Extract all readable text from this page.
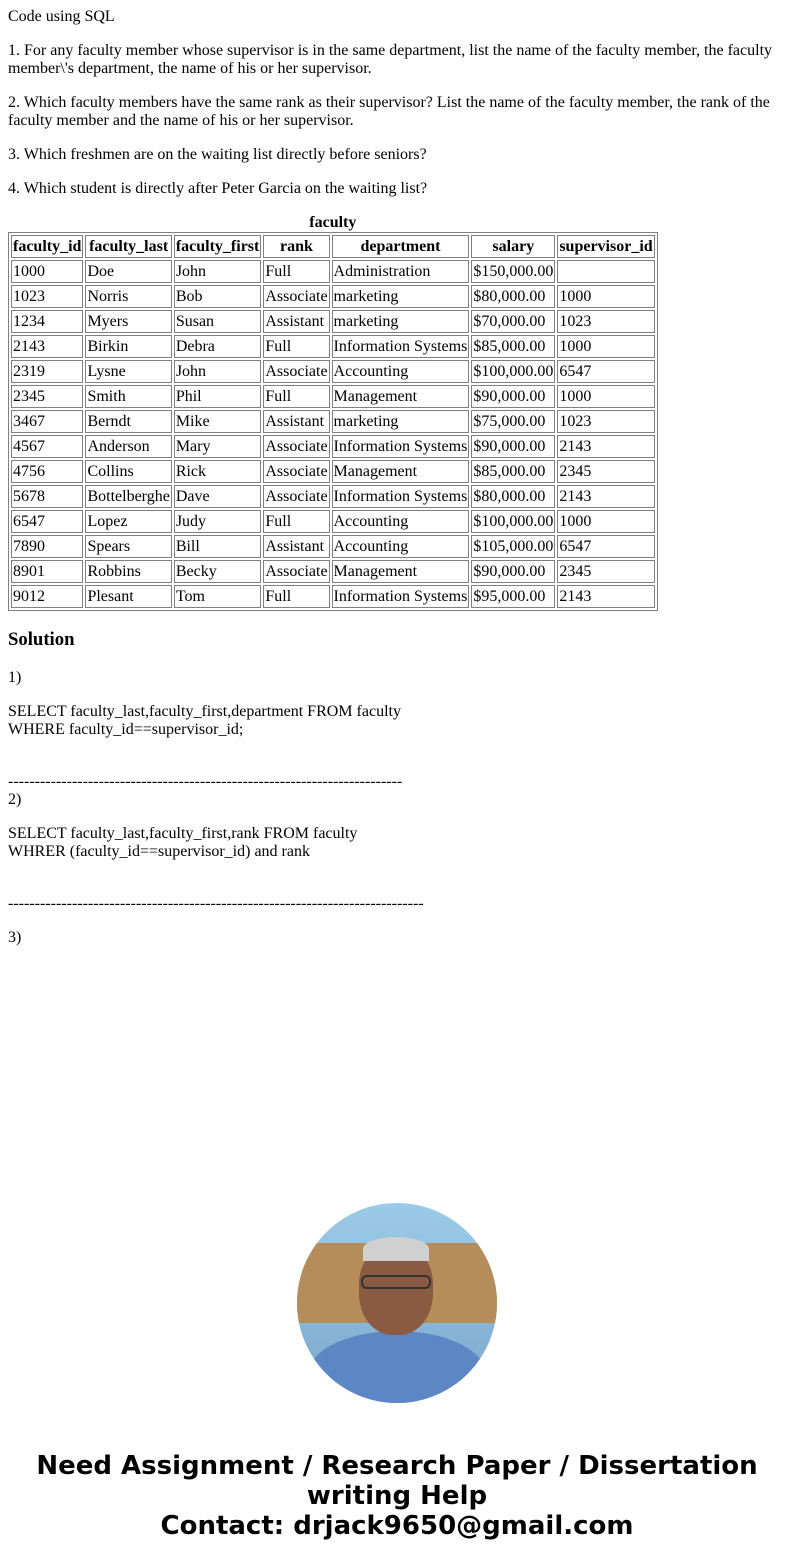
Code using SQL

1. For any faculty member whose supervisor is in the same department, list the name of the faculty member, the faculty member\'s department, the name of his or her supervisor.

2. Which faculty members have the same rank as their supervisor? List the name of the faculty member, the rank of the faculty member and the name of his or her supervisor.

3. Which freshmen are on the waiting list directly before seniors?

4. Which student is directly after Peter Garcia on the waiting list?

faculty
faculty_id	faculty_last	faculty_first	rank	department	salary	supervisor_id
1000	Doe	John	Full	Administration	$150,000.00	
1023	Norris	Bob	Associate	marketing	$80,000.00	1000
1234	Myers	Susan	Assistant	marketing	$70,000.00	1023
2143	Birkin	Debra	Full	Information Systems	$85,000.00	1000
2319	Lysne	John	Associate	Accounting	$100,000.00	6547
2345	Smith	Phil	Full	Management	$90,000.00	1000
3467	Berndt	Mike	Assistant	marketing	$75,000.00	1023
4567	Anderson	Mary	Associate	Information Systems	$90,000.00	2143
4756	Collins	Rick	Associate	Management	$85,000.00	2345
5678	Bottelberghe	Dave	Associate	Information Systems	$80,000.00	2143
6547	Lopez	Judy	Full	Accounting	$100,000.00	1000
7890	Spears	Bill	Assistant	Accounting	$105,000.00	6547
8901	Robbins	Becky	Associate	Management	$90,000.00	2345
9012	Plesant	Tom	Full	Information Systems	$95,000.00	2143
Solution

1)

SELECT faculty_last,faculty_first,department FROM faculty
WHERE faculty_id==supervisor_id;

--------------------------------------------------------------------------
2)

SELECT faculty_last,faculty_first,rank FROM faculty
WHRER (faculty_id==supervisor_id) and rank

------------------------------------------------------------------------------

3)

Need Assignment / Research Paper / Dissertation writing Help
Contact: drjack9650@gmail.com
